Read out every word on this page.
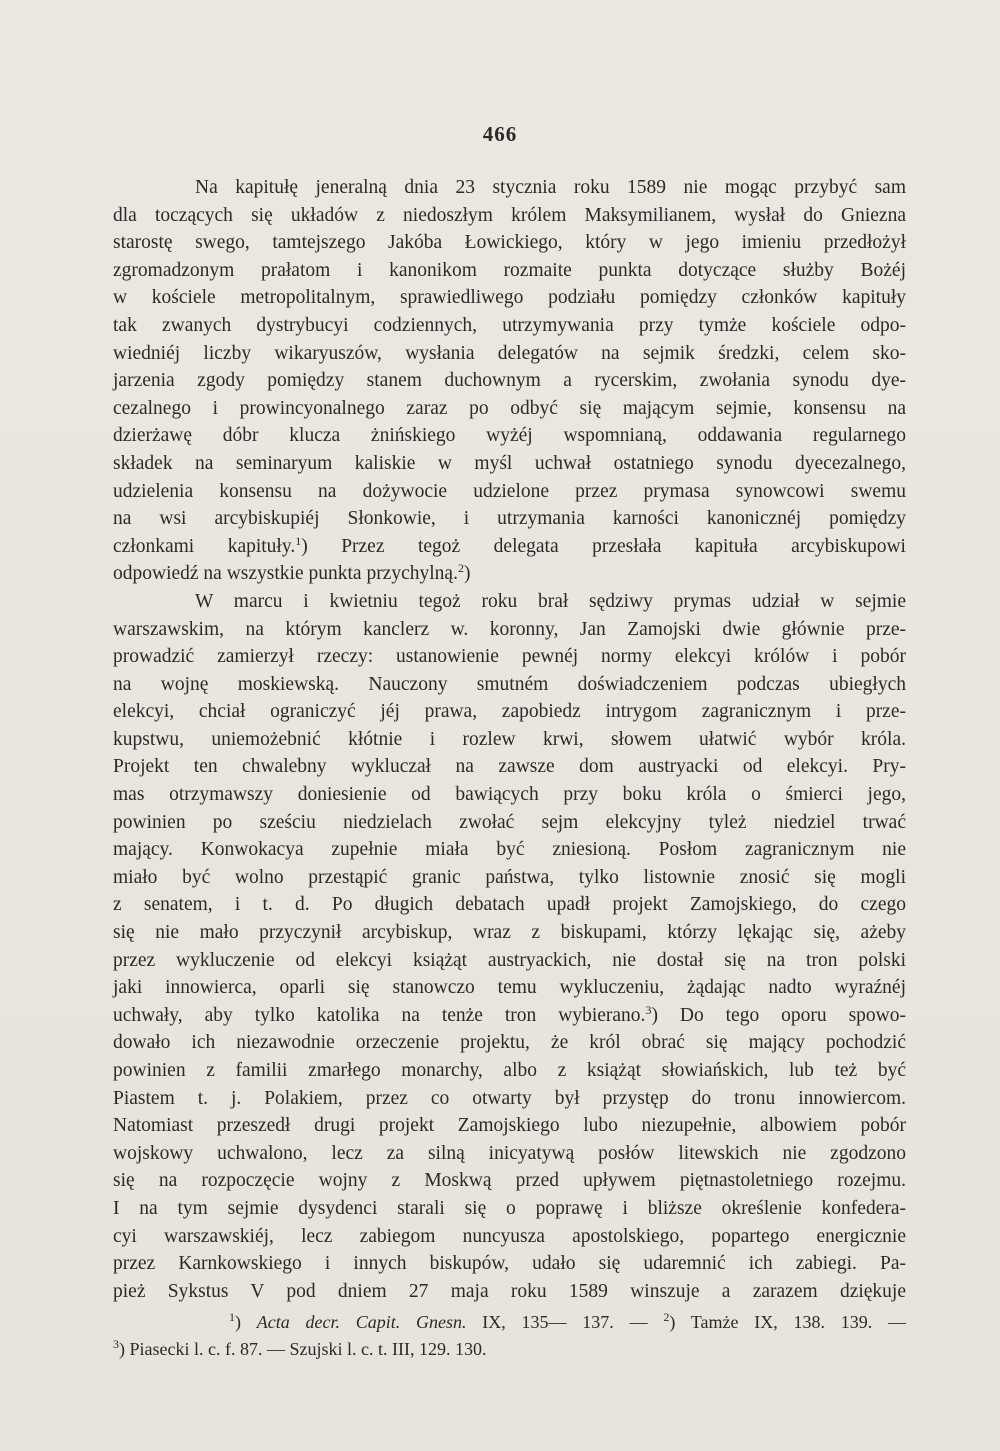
466
Na kapitułę jeneralną dnia 23 stycznia roku 1589 nie mogąc przybyć sam
dla toczących się układów z niedoszłym królem Maksymilianem, wysłał do Gniezna
starostę swego, tamtejszego Jakóba Łowickiego, który w jego imieniu przedłożył
zgromadzonym prałatom i kanonikom rozmaite punkta dotyczące służby Bożéj
w kościele metropolitalnym, sprawiedliwego podziału pomiędzy członków kapituły
tak zwanych dystrybucyi codziennych, utrzymywania przy tymże kościele odpo-
wiedniéj liczby wikaryuszów, wysłania delegatów na sejmik średzki, celem sko-
jarzenia zgody pomiędzy stanem duchownym a rycerskim, zwołania synodu dye-
cezalnego i prowincyonalnego zaraz po odbyć się mającym sejmie, konsensu na
dzierżawę dóbr klucza żnińskiego wyżéj wspomnianą, oddawania regularnego
składek na seminaryum kaliskie w myśl uchwał ostatniego synodu dyecezalnego,
udzielenia konsensu na dożywocie udzielone przez prymasa synowcowi swemu
na wsi arcybiskupiéj Słonkowie, i utrzymania karności kanonicznéj pomiędzy
członkami kapituły.$^1$) Przez tegoż delegata przesłała kapituła arcybiskupowi
odpowiedź na wszystkie punkta przychylną.$^2$)
W marcu i kwietniu tegoż roku brał sędziwy prymas udział w sejmie
warszawskim, na którym kanclerz w. koronny, Jan Zamojski dwie głównie prze-
prowadzić zamierzył rzeczy: ustanowienie pewnéj normy elekcyi królów i pobór
na wojnę moskiewską. Nauczony smutném doświadczeniem podczas ubiegłych
elekcyi, chciał ograniczyć jéj prawa, zapobiedz intrygom zagranicznym i prze-
kupstwu, uniemożebnić kłótnie i rozlew krwi, słowem ułatwić wybór króla.
Projekt ten chwalebny wykluczał na zawsze dom austryacki od elekcyi. Pry-
mas otrzymawszy doniesienie od bawiących przy boku króla o śmierci jego,
powinien po sześciu niedzielach zwołać sejm elekcyjny tyleż niedziel trwać
mający. Konwokacya zupełnie miała być zniesioną. Posłom zagranicznym nie
miało być wolno przestąpić granic państwa, tylko listownie znosić się mogli
z senatem, i t. d. Po długich debatach upadł projekt Zamojskiego, do czego
się nie mało przyczynił arcybiskup, wraz z biskupami, którzy lękając się, ażeby
przez wykluczenie od elekcyi książąt austryackich, nie dostał się na tron polski
jaki innowierca, oparli się stanowczo temu wykluczeniu, żądając nadto wyraźnéj
uchwały, aby tylko katolika na tenże tron wybierano.$^3$) Do tego oporu spowo-
dowało ich niezawodnie orzeczenie projektu, że król obrać się mający pochodzić
powinien z familii zmarłego monarchy, albo z książąt słowiańskich, lub też być
Piastem t. j. Polakiem, przez co otwarty był przystęp do tronu innowiercom.
Natomiast przeszedł drugi projekt Zamojskiego lubo niezupełnie, albowiem pobór
wojskowy uchwalono, lecz za silną inicyatywą posłów litewskich nie zgodzono
się na rozpoczęcie wojny z Moskwą przed upływem piętnastoletniego rozejmu.
I na tym sejmie dysydenci starali się o poprawę i bliższe określenie konfedera-
cyi warszawskiéj, lecz zabiegom nuncyusza apostolskiego, popartego energicznie
przez Karnkowskiego i innych biskupów, udało się udaremnić ich zabiegi. Pa-
pież Sykstus V pod dniem 27 maja roku 1589 winszuje a zarazem dziękuje
$^1$) Acta decr. Capit. Gnesn. IX, 135— 137. — $^2$) Tamże IX, 138. 139. —
$^3$) Piasecki l. c. f. 87. — Szujski l. c. t. III, 129. 130.
